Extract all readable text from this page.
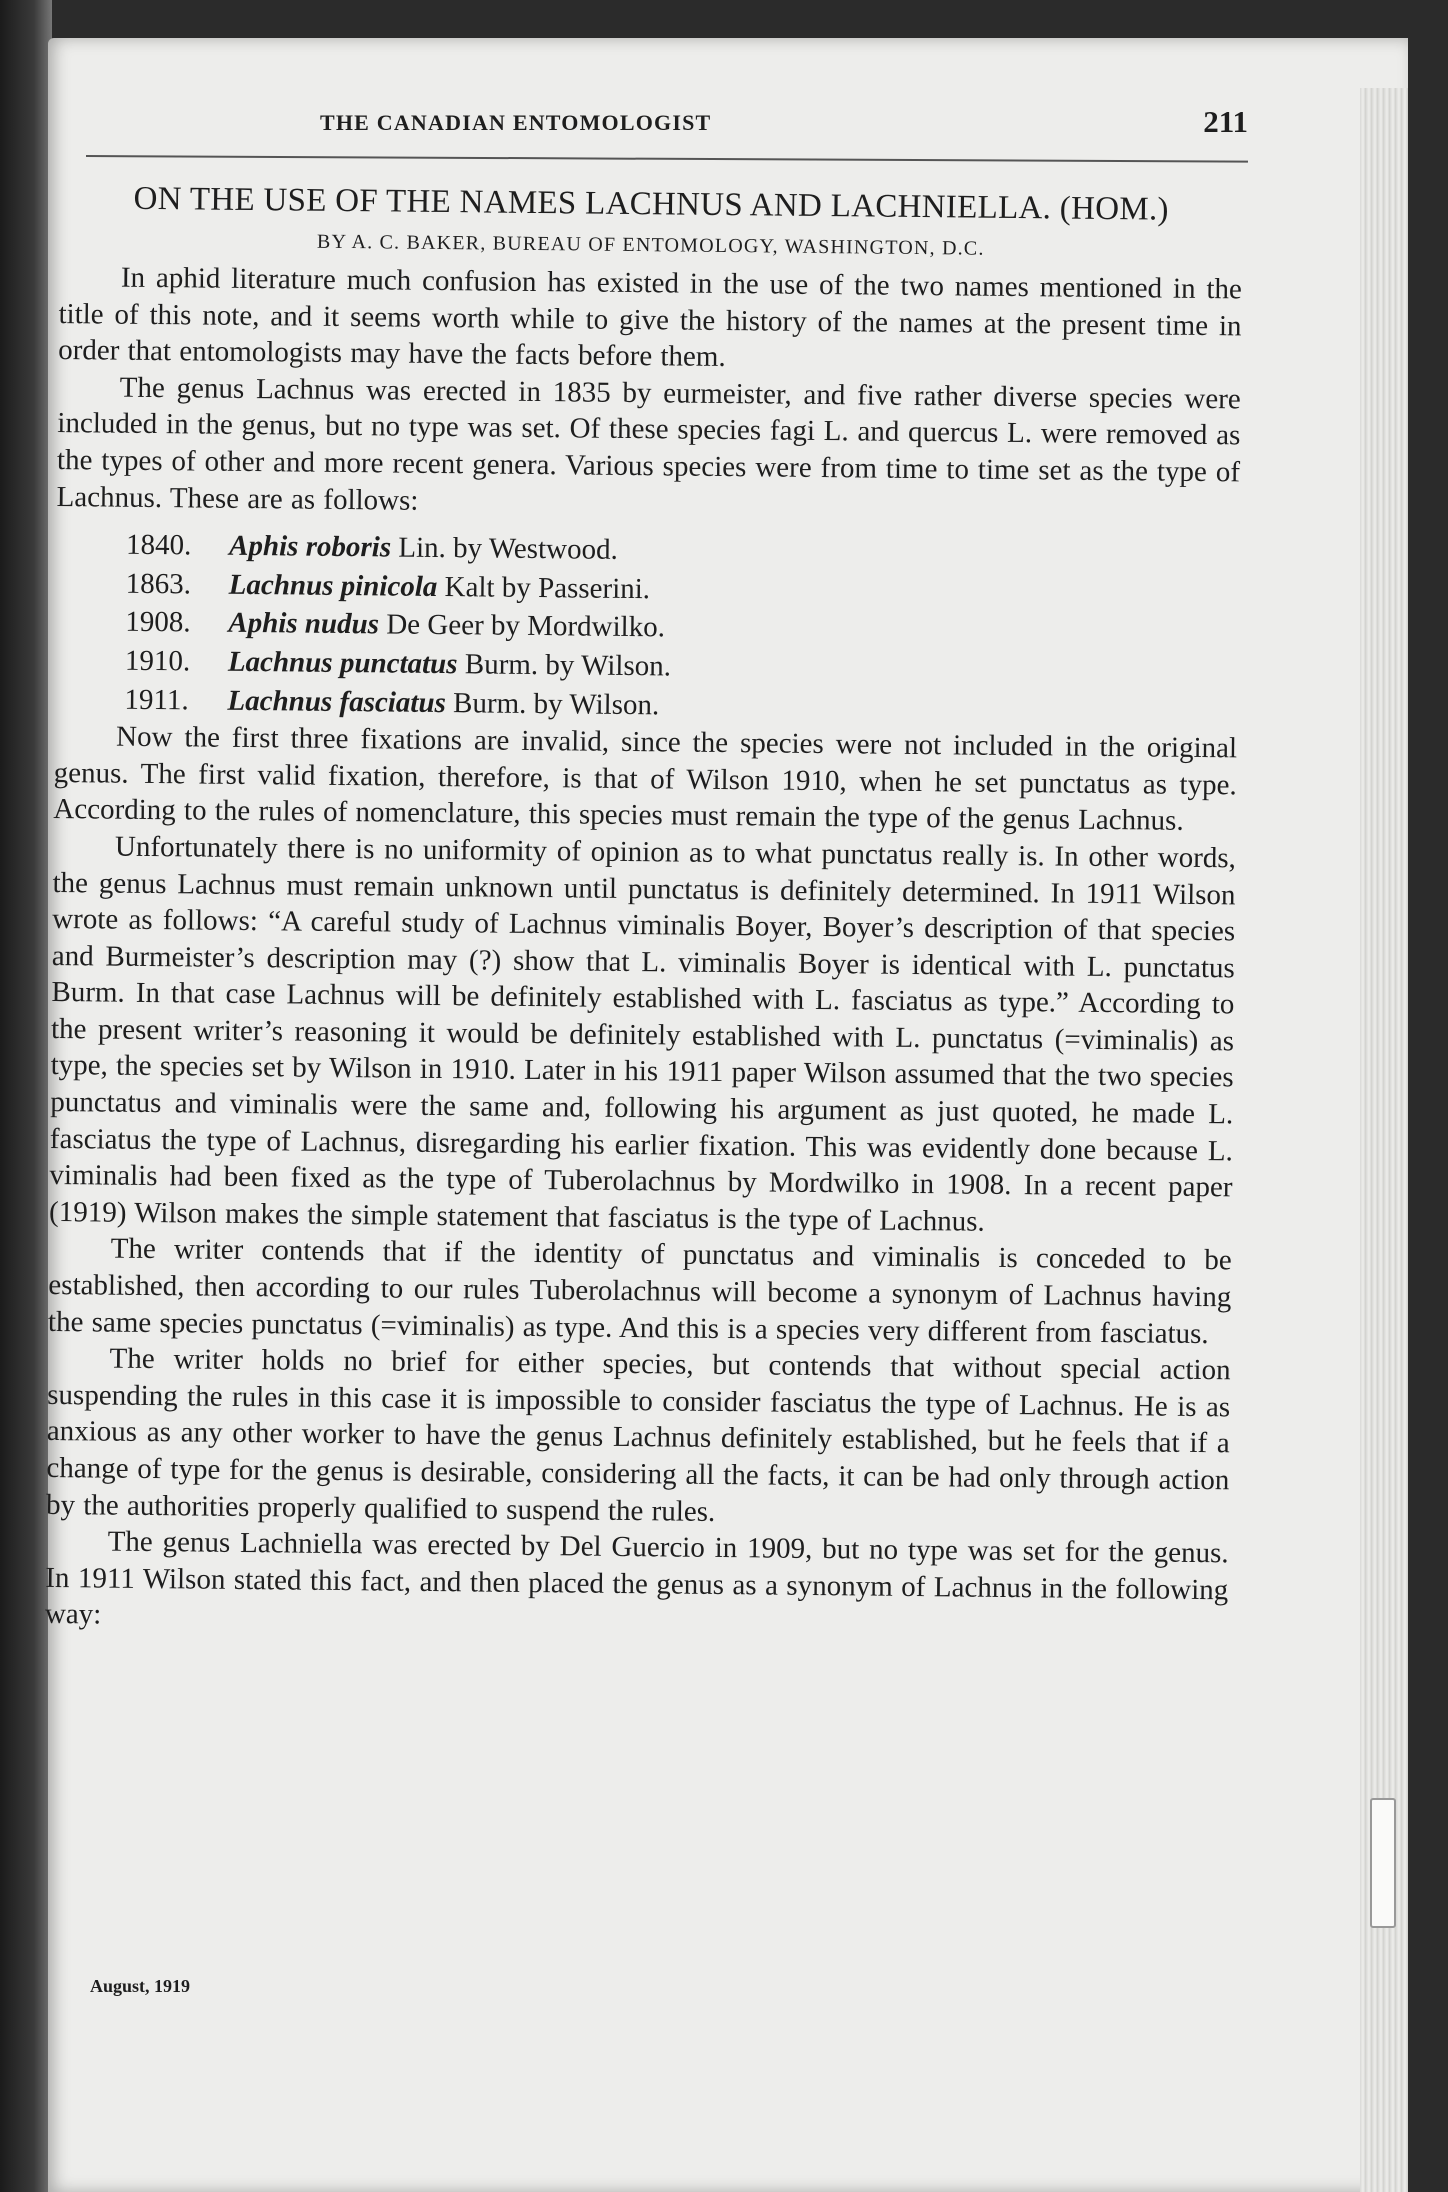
THE CANADIAN ENTOMOLOGIST	211
ON THE USE OF THE NAMES LACHNUS AND LACHNIELLA. (HOM.)
BY A. C. BAKER, BUREAU OF ENTOMOLOGY, WASHINGTON, D.C.

In aphid literature much confusion has existed in the use of the two names mentioned in the title of this note, and it seems worth while to give the history of the names at the present time in order that entomologists may have the facts before them.

The genus Lachnus was erected in 1835 by eurmeister, and five rather diverse species were included in the genus, but no type was set. Of these species fagi L. and quercus L. were removed as the types of other and more recent genera. Various species were from time to time set as the type of Lachnus. These are as follows:

1840.	Aphis roboris Lin. by Westwood.
1863.	Lachnus pinicola Kalt by Passerini.
1908.	Aphis nudus De Geer by Mordwilko.
1910.	Lachnus punctatus Burm. by Wilson.
1911.	Lachnus fasciatus Burm. by Wilson.

Now the first three fixations are invalid, since the species were not included in the original genus. The first valid fixation, therefore, is that of Wilson 1910, when he set punctatus as type. According to the rules of nomenclature, this species must remain the type of the genus Lachnus.

Unfortunately there is no uniformity of opinion as to what punctatus really is. In other words, the genus Lachnus must remain unknown until punctatus is definitely determined. In 1911 Wilson wrote as follows: “A careful study of Lachnus viminalis Boyer, Boyer’s description of that species and Burmeister’s description may (?) show that L. viminalis Boyer is identical with L. punctatus Burm. In that case Lachnus will be definitely established with L. fasciatus as type.” According to the present writer’s reasoning it would be definitely established with L. punctatus (=viminalis) as type, the species set by Wilson in 1910. Later in his 1911 paper Wilson assumed that the two species punctatus and viminalis were the same and, following his argument as just quoted, he made L. fasciatus the type of Lachnus, disregarding his earlier fixation. This was evidently done because L. viminalis had been fixed as the type of Tuberolachnus by Mordwilko in 1908. In a recent paper (1919) Wilson makes the simple statement that fasciatus is the type of Lachnus.

The writer contends that if the identity of punctatus and viminalis is conceded to be established, then according to our rules Tuberolachnus will become a synonym of Lachnus having the same species punctatus (=viminalis) as type. And this is a species very different from fasciatus.

The writer holds no brief for either species, but contends that without special action suspending the rules in this case it is impossible to consider fasciatus the type of Lachnus. He is as anxious as any other worker to have the genus Lachnus definitely established, but he feels that if a change of type for the genus is desirable, considering all the facts, it can be had only through action by the authorities properly qualified to suspend the rules.

The genus Lachniella was erected by Del Guercio in 1909, but no type was set for the genus. In 1911 Wilson stated this fact, and then placed the genus as a synonym of Lachnus in the following way:

August, 1919
